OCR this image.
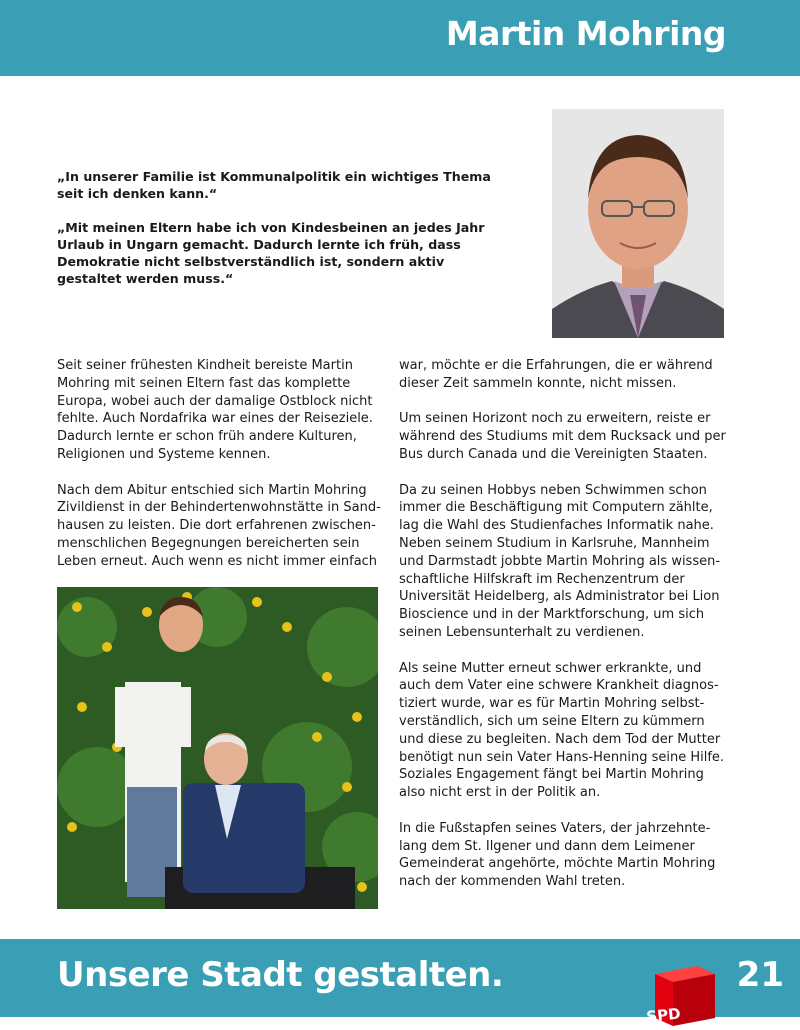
Martin Mohring

„In unserer Familie ist Kommunalpolitik ein wichtiges Thema seit ich denken kann.“

„Mit meinen Eltern habe ich von Kindesbeinen an jedes Jahr Urlaub in Ungarn gemacht. Dadurch lernte ich früh, dass Demokratie nicht selbstverständlich ist, sondern aktiv gestaltet werden muss.“

Seit seiner frühesten Kindheit bereiste Martin Mohring mit seinen Eltern fast das komplette Europa, wobei auch der damalige Ostblock nicht fehlte. Auch Nordafrika war eines der Reiseziele. Dadurch lernte er schon früh andere Kulturen, Religionen und Systeme kennen.

Nach dem Abitur entschied sich Martin Mohring Zivildienst in der Behindertenwohnstätte in Sand-hausen zu leisten. Die dort erfahrenen zwischen-menschlichen Begegnungen bereicherten sein Leben erneut. Auch wenn es nicht immer einfach

war, möchte er die Erfahrungen, die er während dieser Zeit sammeln konnte, nicht missen.

Um seinen Horizont noch zu erweitern, reiste er während des Studiums mit dem Rucksack und per Bus durch Canada und die Vereinigten Staaten.

Da zu seinen Hobbys neben Schwimmen schon immer die Beschäftigung mit Computern zählte, lag die Wahl des Studienfaches Informatik nahe. Neben seinem Studium in Karlsruhe, Mannheim und Darmstadt jobbte Martin Mohring als wissen-schaftliche Hilfskraft im Rechenzentrum der Universität Heidelberg, als Administrator bei Lion Bioscience und in der Marktforschung, um sich seinen Lebensunterhalt zu verdienen.

Als seine Mutter erneut schwer erkrankte, und auch dem Vater eine schwere Krankheit diagnos-tiziert wurde, war es für Martin Mohring selbst-verständlich, sich um seine Eltern zu kümmern und diese zu begleiten. Nach dem Tod der Mutter benötigt nun sein Vater Hans-Henning seine Hilfe. Soziales Engagement fängt bei Martin Mohring also nicht erst in der Politik an.

In die Fußstapfen seines Vaters, der jahrzehnte-lang dem St. Ilgener und dann dem Leimener Gemeinderat angehörte, möchte Martin Mohring nach der kommenden Wahl treten.

Unsere Stadt gestalten.
SPD
21
